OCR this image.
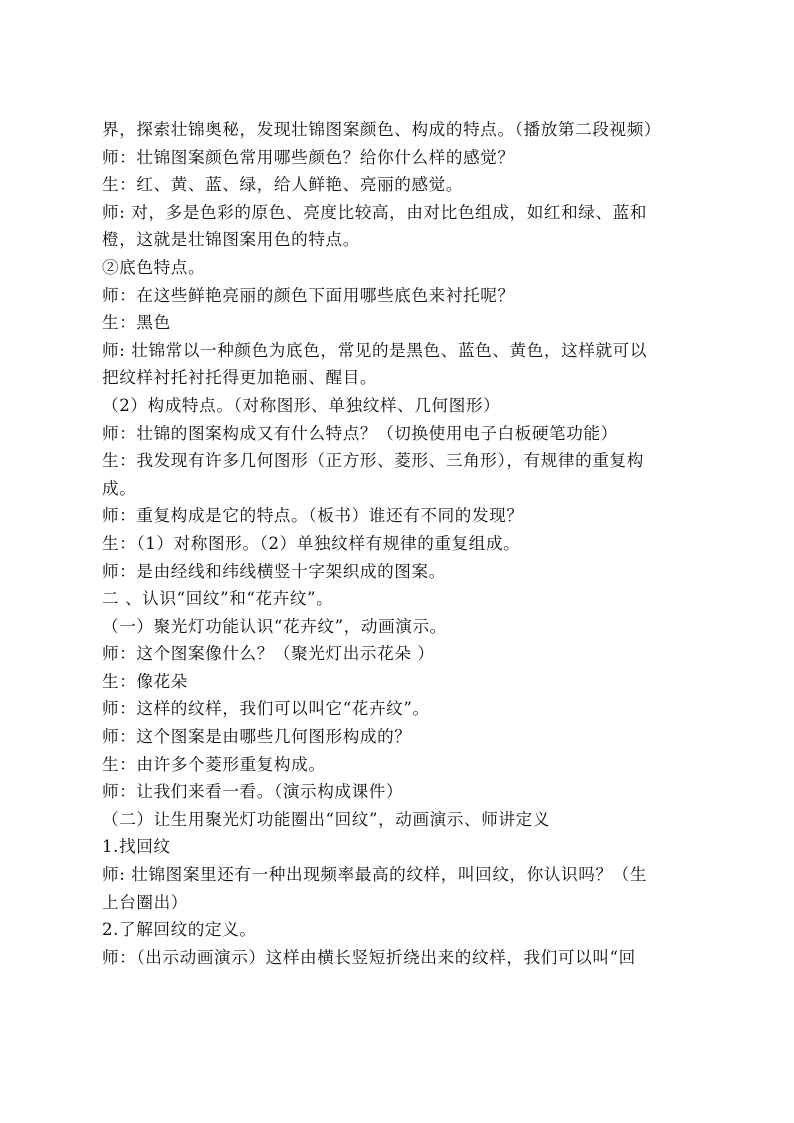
界，探索壮锦奥秘，发现壮锦图案颜色、构成的特点。（播放第二段视频）
师：壮锦图案颜色常用哪些颜色？给你什么样的感觉？
生：红、黄、蓝、绿，给人鲜艳、亮丽的感觉。
师: 对，多是色彩的原色、亮度比较高，由对比色组成，如红和绿、蓝和
橙，这就是壮锦图案用色的特点。
②底色特点。
师：在这些鲜艳亮丽的颜色下面用哪些底色来衬托呢？
生：黑色
师: 壮锦常以一种颜色为底色，常见的是黑色、蓝色、黄色，这样就可以
把纹样衬托衬托得更加艳丽、醒目。
（2）构成特点。（对称图形、单独纹样、几何图形）
师：壮锦的图案构成又有什么特点？（切换使用电子白板硬笔功能）
生：我发现有许多几何图形（正方形、菱形、三角形），有规律的重复构
成。
师：重复构成是它的特点。（板书）谁还有不同的发现？
生：（1）对称图形。（2）单独纹样有规律的重复组成。
师：是由经线和纬线横竖十字架织成的图案。
二 、认识“回纹”和“花卉纹”。
（一）聚光灯功能认识“花卉纹”，动画演示。
师：这个图案像什么？（聚光灯出示花朵 ）
生：像花朵
师：这样的纹样，我们可以叫它“花卉纹”。
师：这个图案是由哪些几何图形构成的？
生：由许多个菱形重复构成。
师：让我们来看一看。（演示构成课件）
（二）让生用聚光灯功能圈出“回纹”，动画演示、师讲定义
1.找回纹
师: 壮锦图案里还有一种出现频率最高的纹样，叫回纹，你认识吗？（生
上台圈出）
2.了解回纹的定义。
师：（出示动画演示）这样由横长竖短折绕出来的纹样，我们可以叫“回
